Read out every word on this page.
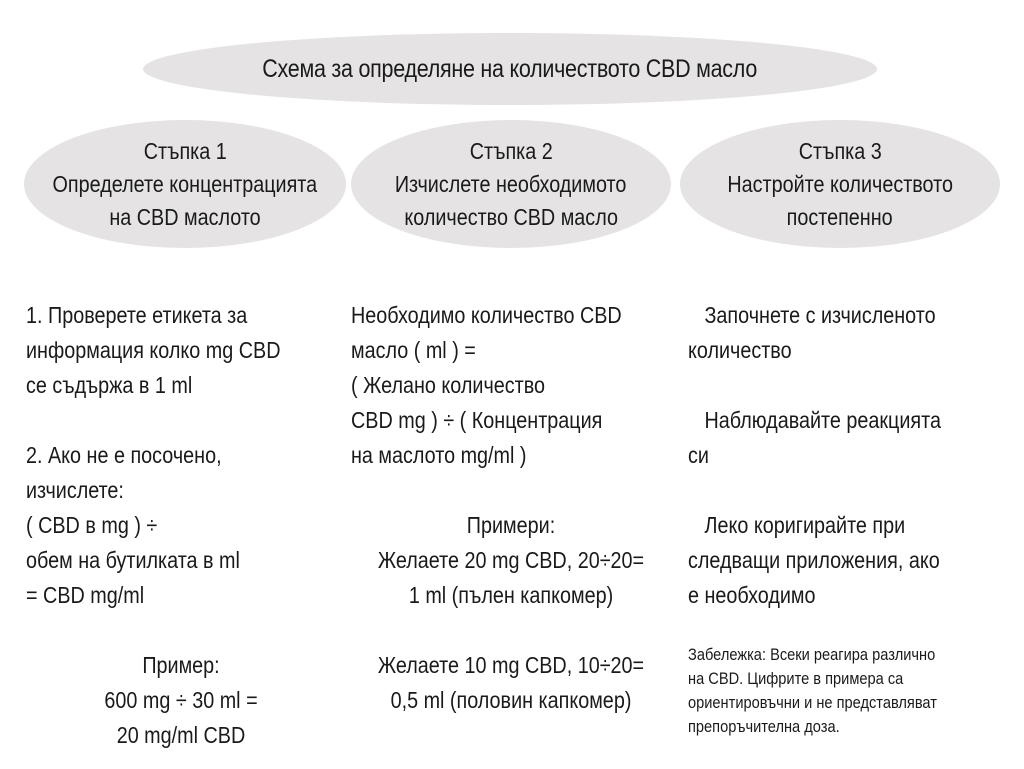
Схема за определяне на количеството CBD масло
Стъпка 1
Определете концентрацията
на CBD маслото
Стъпка 2
Изчислете необходимото
количество CBD масло
Стъпка 3
Настройте количеството
постепенно
1. Проверете етикета за
информация колко mg CBD
се съдържа в 1 ml
2. Ако не е посочено,
изчислете:
( CBD в mg ) ÷
обем на бутилката в ml
= CBD mg/ml
Пример:
600 mg ÷ 30 ml =
20 mg/ml CBD
Необходимо количество CBD
масло ( ml ) =
( Желано количество
CBD mg ) ÷ ( Концентрация
на маслото mg/ml )
Примери:
Желаете 20 mg CBD, 20÷20=
1 ml (пълен капкомер)
Желаете 10 mg CBD, 10÷20=
0,5 ml (половин капкомер)
Започнете с изчисленото
количество
Наблюдавайте реакцията
си
Леко коригирайте при
следващи приложения, ако
е необходимо
Забележка: Всеки реагира различно
на CBD. Цифрите в примера са
ориентировъчни и не представляват
препоръчителна доза.
